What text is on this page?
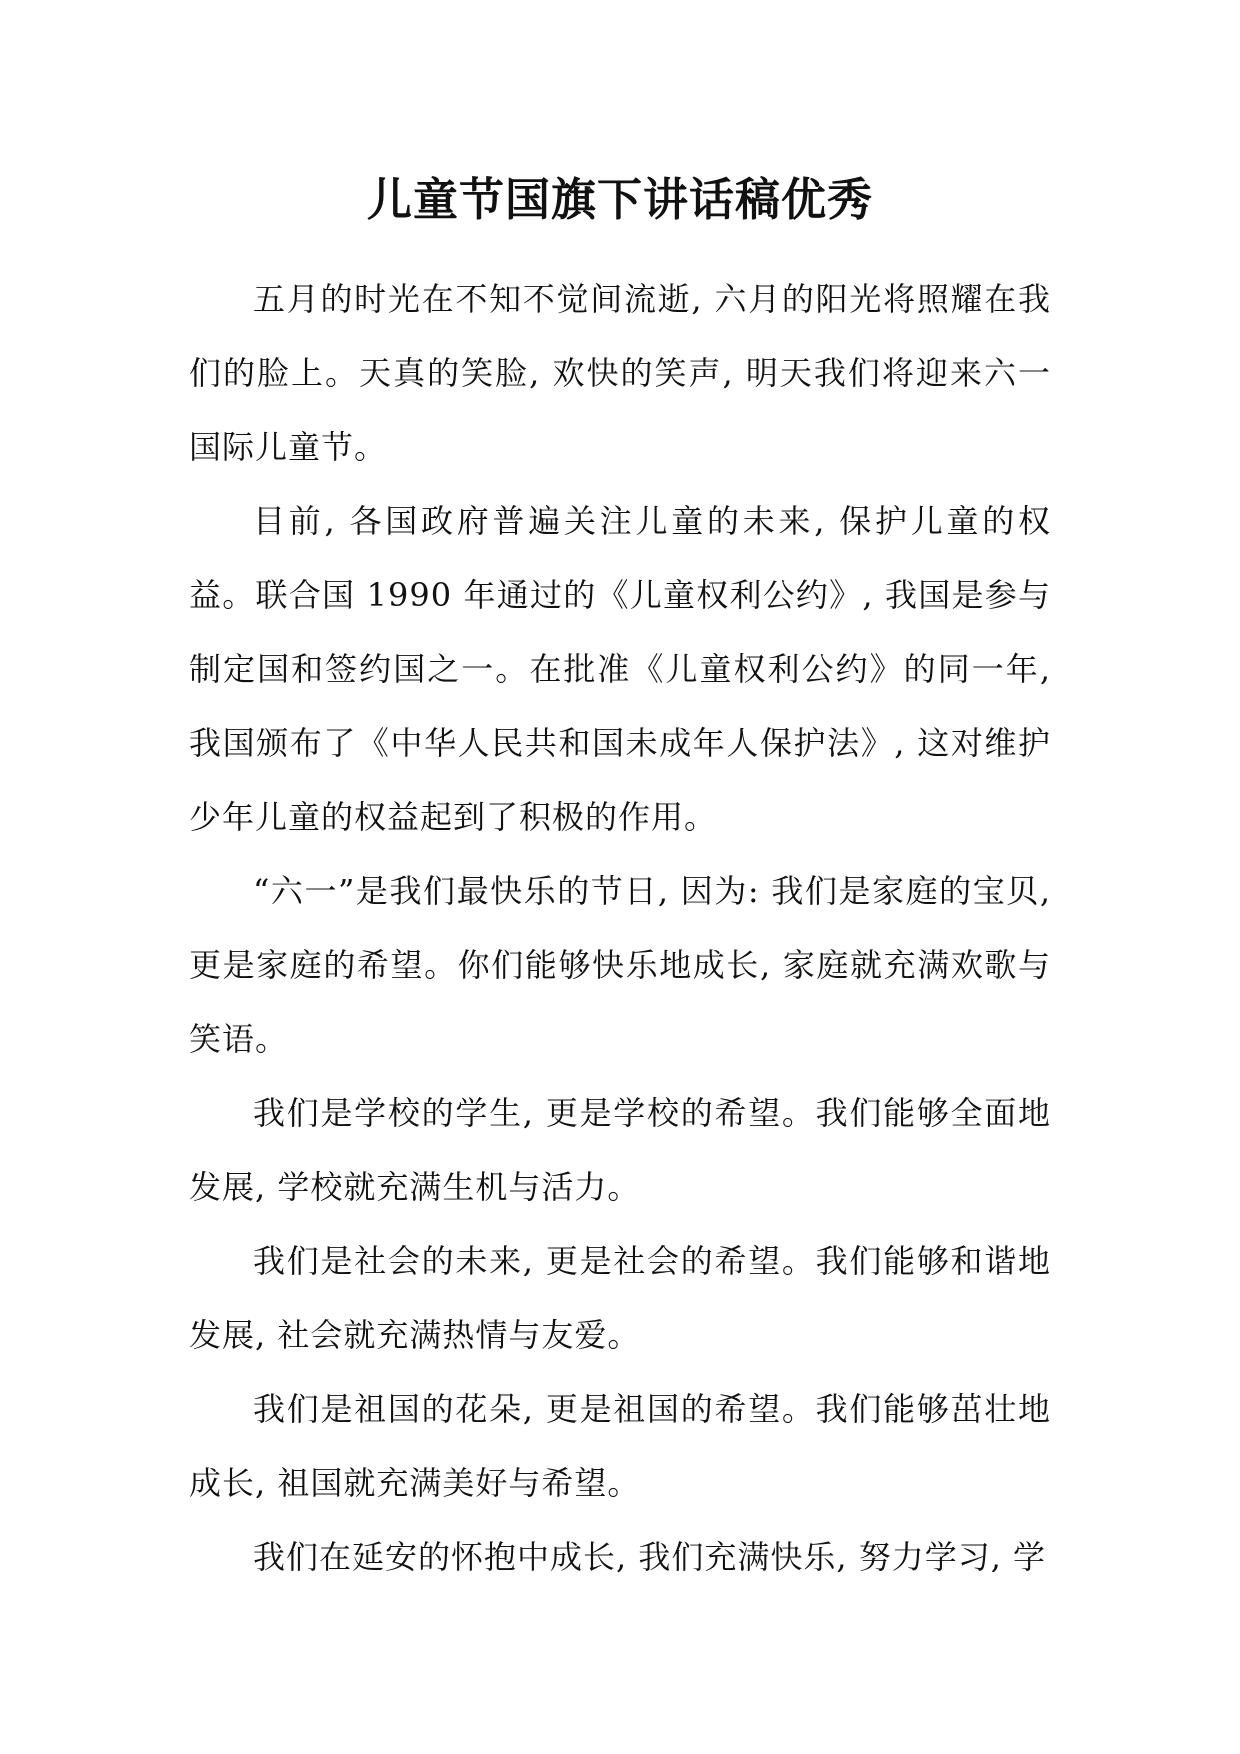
儿童节国旗下讲话稿优秀

五月的时光在不知不觉间流逝, 六月的阳光将照耀在我们的脸上。天真的笑脸, 欢快的笑声, 明天我们将迎来六一国际儿童节。

目前, 各国政府普遍关注儿童的未来, 保护儿童的权益。联合国 1990 年通过的《儿童权利公约》, 我国是参与制定国和签约国之一。在批准《儿童权利公约》的同一年, 我国颁布了《中华人民共和国未成年人保护法》, 这对维护少年儿童的权益起到了积极的作用。

“六一”是我们最快乐的节日, 因为: 我们是家庭的宝贝, 更是家庭的希望。你们能够快乐地成长, 家庭就充满欢歌与笑语。

我们是学校的学生, 更是学校的希望。我们能够全面地发展, 学校就充满生机与活力。

我们是社会的未来, 更是社会的希望。我们能够和谐地发展, 社会就充满热情与友爱。

我们是祖国的花朵, 更是祖国的希望。我们能够茁壮地成长, 祖国就充满美好与希望。

我们在延安的怀抱中成长, 我们充满快乐, 努力学习, 学
